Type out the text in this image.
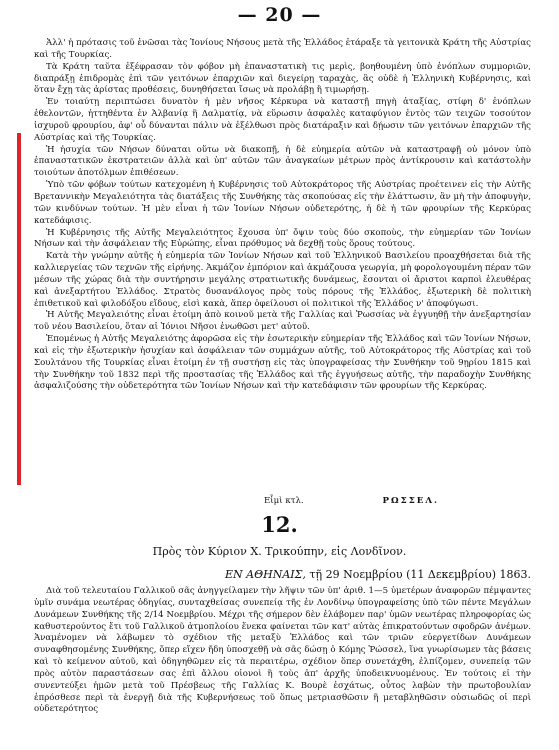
— 20 —

Ἀλλ' ἡ πρότασις τοῦ ἑνῶσαι τὰς Ἰονίους Νήσους μετὰ τῆς Ἑλλάδος ἐτάραξε τὰ γειτονικὰ Κράτη τῆς Αὐστρίας καὶ τῆς Τουρκίας.

Τὰ Κράτη ταῦτα ἐξέφρασαν τὸν φόβον μὴ ἐπαναστατικὴ τις μερὶς, βοηθουμένη ὑπὸ ἐνόπλων συμμοριῶν, διαπράξῃ ἐπιδρομὰς ἐπὶ τῶν γειτόνων ἐπαρχιῶν καὶ διεγείρῃ ταραχὰς, ἃς οὐδὲ ἡ Ἑλληνικὴ Κυβέρνησις, καὶ ὅταν ἔχῃ τὰς ἀρίστας προθέσεις, δυνηθήσεται ἴσως νὰ προλάβῃ ἢ τιμωρήσῃ.

Ἐν τοιαύτῃ περιπτώσει δυνατὸν ἡ μὲν νῆσος Κέρκυρα νὰ καταστῇ πηγὴ ἀταξίας, στίφη δ' ἐνόπλων ἐθελοντῶν, ἡττηθέντα ἐν Ἀλβανίᾳ ἢ Δαλματίᾳ, νὰ εὕρωσιν ἀσφαλὲς καταφύγιον ἐντὸς τῶν τειχῶν τοσούτον ἰσχυροῦ φρουρίου, ἀφ' οὗ δύνανται πάλιν νὰ ἐξέλθωσι πρὸς διατάραξιν καὶ δῄωσιν τῶν γειτόνων ἐπαρχιῶν τῆς Αὐστρίας καὶ τῆς Τουρκίας.

Ἡ ἡσυχία τῶν Νήσων δύναται οὕτω νὰ διακοπῇ, ἡ δὲ εὐημερία αὐτῶν νὰ καταστραφῇ οὐ μόνον ὑπὸ ἐπαναστατικῶν ἐκστρατειῶν ἀλλὰ καὶ ὑπ' αὐτῶν τῶν ἀναγκαίων μέτρων πρὸς ἀντίκρουσιν καὶ κατάστολὴν τοιούτων ἀποτόλμων ἐπιθέσεων.

Ὑπὸ τῶν φόβων τούτων κατεχομένη ἡ Κυβέρνησις τοῦ Αὐτοκράτορος τῆς Αὐστρίας προέτεινεν εἰς τὴν Αὐτῆς Βρεταννικὴν Μεγαλειότητα τὰς διατάξεις τῆς Συνθήκης τὰς σκοπούσας εἰς τὴν ἐλάττωσιν, ἂν μὴ τὴν ἀποφυγὴν, τῶν κινδύνων τούτων. Ἡ μὲν εἶναι ἡ τῶν Ἰονίων Νήσων οὐδετερότης, ἡ δὲ ἡ τῶν φρουρίων τῆς Κερκύρας κατεδάφισις.

Ἡ Κυβέρνησις τῆς Αὐτῆς Μεγαλειότητος ἔχουσα ὑπ' ὄψιν τοὺς δύο σκοποὺς, τὴν εὐημερίαν τῶν Ἰονίων Νήσων καὶ τὴν ἀσφάλειαν τῆς Εὐρώπης, εἶναι πρόθυμος νὰ δεχθῇ τοὺς ὅρους τούτους.

Κατὰ τὴν γνώμην αὐτῆς ἡ εὐημερία τῶν Ἰονίων Νήσων καὶ τοῦ Ἑλληνικοῦ Βασιλείου προαχθήσεται διὰ τῆς καλλιεργείας τῶν τεχνῶν τῆς εἰρήνης. Ἀκμάζον ἐμπόριον καὶ ἀκμάζουσα γεωργία, μὴ φορολογουμένη πέραν τῶν μέσων τῆς χώρας διὰ τὴν συντήρησιν μεγάλης στρατιωτικῆς δυνάμεως, ἔσονται οἱ ἄριστοι καρποὶ ἐλευθέρας καὶ ἀνεξαρτήτου Ἑλλάδος. Στρατὸς δυσανάλογος πρὸς τοὺς πόρους τῆς Ἑλλάδος, ἐξωτερικὴ δὲ πολιτικὴ ἐπιθετικοῦ καὶ φιλοδόξου εἴδους, εἰσὶ κακὰ, ἅπερ ὀφείλουσι οἱ πολιτικοὶ τῆς Ἑλλάδος ν' ἀποφύγωσι.

Ἡ Αὐτῆς Μεγαλειότης εἶναι ἑτοίμη ἀπὸ κοινοῦ μετὰ τῆς Γαλλίας καὶ Ῥωσσίας νὰ ἐγγυηθῇ τὴν ἀνεξαρτησίαν τοῦ νέου Βασιλείου, ὅταν αἱ Ἰόνιοι Νῆσοι ἑνωθῶσι μετ' αὐτοῦ.

Ἑπομένως ἡ Αὐτῆς Μεγαλειότης ἀφορῶσα εἰς τὴν ἐσωτερικὴν εὐημερίαν τῆς Ἑλλάδος καὶ τῶν Ἰονίων Νήσων, καὶ εἰς τὴν ἐξωτερικὴν ἡσυχίαν καὶ ἀσφάλειαν τῶν συμμάχων αὐτῆς, τοῦ Αὐτοκράτορος τῆς Αὐστρίας καὶ τοῦ Σουλτάνου τῆς Τουρκίας εἶναι ἑτοίμη ἐν τῇ συστήσῃ εἰς τὰς ὑπογραφείσας τὴν Συνθήκην τοῦ 9ῃρίου 1815 καὶ τὴν Συνθήκην τοῦ 1832 περὶ τῆς προστασίας τῆς Ἑλλάδος καὶ τῆς ἐγγυήσεως αὐτῆς, τὴν παραδοχὴν Συνθήκης ἀσφαλιζούσης τὴν οὐδετερότητα τῶν Ἰονίων Νήσων καὶ τὴν κατεδάφισιν τῶν φρουρίων τῆς Κερκύρας.

Εἶμὶ κτλ.	ΡΩΣΣΕΛ.
12.
Πρὸς τὸν Κύριον Χ. Τρικούπην, εἰς Λονδῖνον.
ΕΝ ΑΘΗΝΑΙΣ, τῇ 29 Νοεμβρίου (11 Δεκεμβρίου) 1863.

Διὰ τοῦ τελευταίου Γαλλικοῦ σᾶς ἀνηγγείλαμεν τὴν λῆψιν τῶν ὑπ' ἀριθ. 1—5 ὑμετέρων ἀναφορῶν πέμψαντες ὑμῖν συνάμα νεωτέρας ὁδηγίας, συνταχθείσας συνεπείᾳ τῆς ἐν Λονδίνῳ ὑπογραφείσης ὑπὸ τῶν πέντε Μεγάλων Δυνάμεων Συνθήκης τῆς 2/14 Νοεμβρίου. Μέχρι τῆς σήμερον δὲν ἐλάβομεν παρ' ὑμῶν νεωτέρας πληροφορίας ὡς καθυστερούντος ἔτι τοῦ Γαλλικοῦ ἀτμοπλοίου ἕνεκα φαίνεται τῶν κατ' αὐτὰς ἐπικρατούντων σφοδρῶν ἀνέμων. Ἀναμένομεν νὰ λάβωμεν τὸ σχέδιον τῆς μεταξὺ Ἑλλάδος καὶ τῶν τριῶν εὐεργετίδων Δυνάμεων συναφθησομένης Συνθήκης, ὅπερ εἴχεν ἤδη ὑποσχεθῇ νὰ σᾶς δώσῃ ὁ Κόμης Ῥώσσελ, ἵνα γνωρίσωμεν τὰς βάσεις καὶ τὸ κείμενον αὐτοῦ, καὶ ὁδηγηθῶμεν εἰς τὰ περαιτέρω, σχέδιον ὅπερ συνετάχθη, ἐλπίζομεν, συνεπείᾳ τῶν πρὸς αὐτὸν παραστάσεων σας ἐπὶ ἄλλου οἰονοὶ ἢ τοὺς ἀπ' ἀρχῆς ὑποδεικνυομένους. Ἐν τούτοις εἰ τὴν συνεντεύξει ἡμῶν μετὰ τοῦ Πρέσβεως τῆς Γαλλίας Κ. Βουρὲ ἐσχάτως, οὗτος λαβὼν τὴν πρωτοβουλίαν ἐπρόσθεσε περὶ τὰ ἐνεργῇ διὰ τῆς Κυβερνήσεως τοῦ ὅπως μετριασθῶσιν ἢ μεταβληθῶσιν οὐσιωδῶς οἱ περὶ οὐδετερότητος
